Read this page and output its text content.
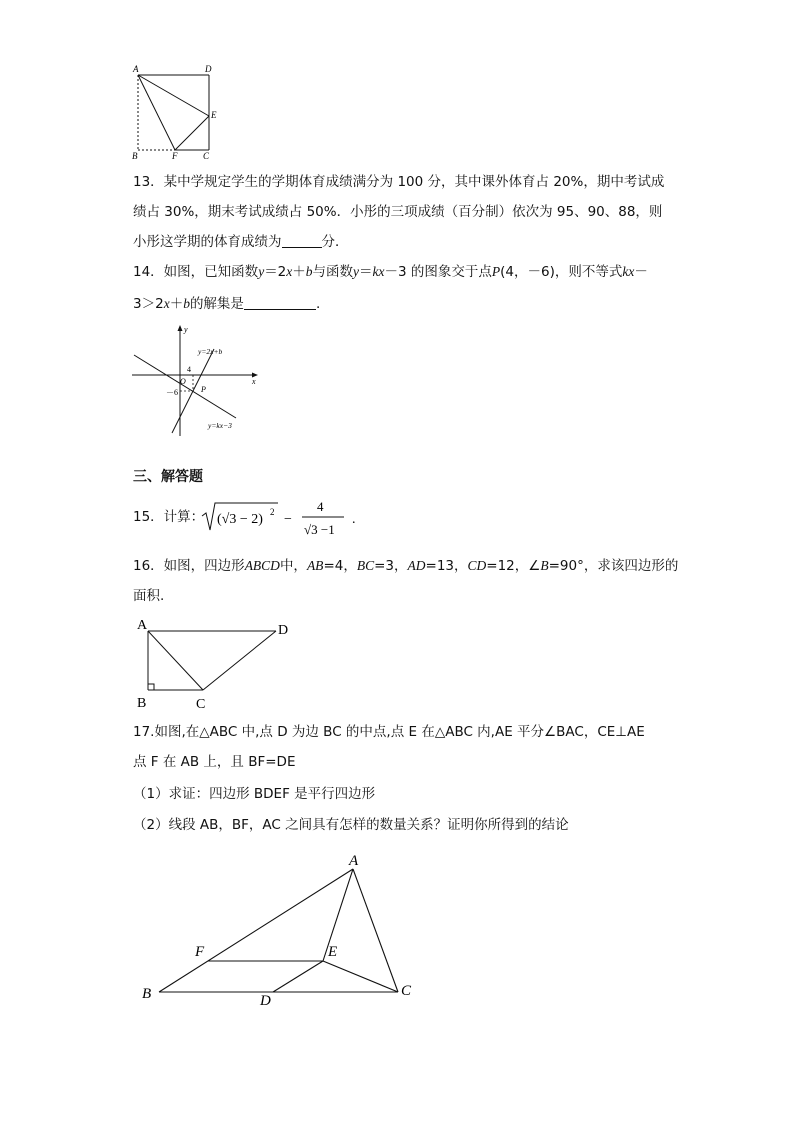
A	D
E
B	F	C
13．某中学规定学生的学期体育成绩满分为 100 分，其中课外体育占 20%，期中考试成
绩占 30%，期末考试成绩占 50%．小彤的三项成绩（百分制）依次为 95、90、88，则
小彤这学期的体育成绩为	分．
14．如图，已知函数y＝2x＋b与函数y＝kx－3 的图象交于点P(4，－6)，则不等式kx－
3＞2x＋b的解集是	.
y
x
O
4
－6	P
y=2x+b
y=kx−3
三、解答题
15．计算： (√3 − 2) 2 −
4
√3 −1
.
16．如图，四边形ABCD中，AB=4，BC=3，AD=13，CD=12，∠B=90°，求该四边形的
面积.
A	D
B	C
17.如图,在△ABC 中,点 D 为边 BC 的中点,点 E 在△ABC 内,AE 平分∠BAC，CE⊥AE
点 F 在 AB 上，且 BF=DE
（1）求证：四边形 BDEF 是平行四边形
（2）线段 AB，BF，AC 之间具有怎样的数量关系？证明你所得到的结论
A
B	C
D
E
F
